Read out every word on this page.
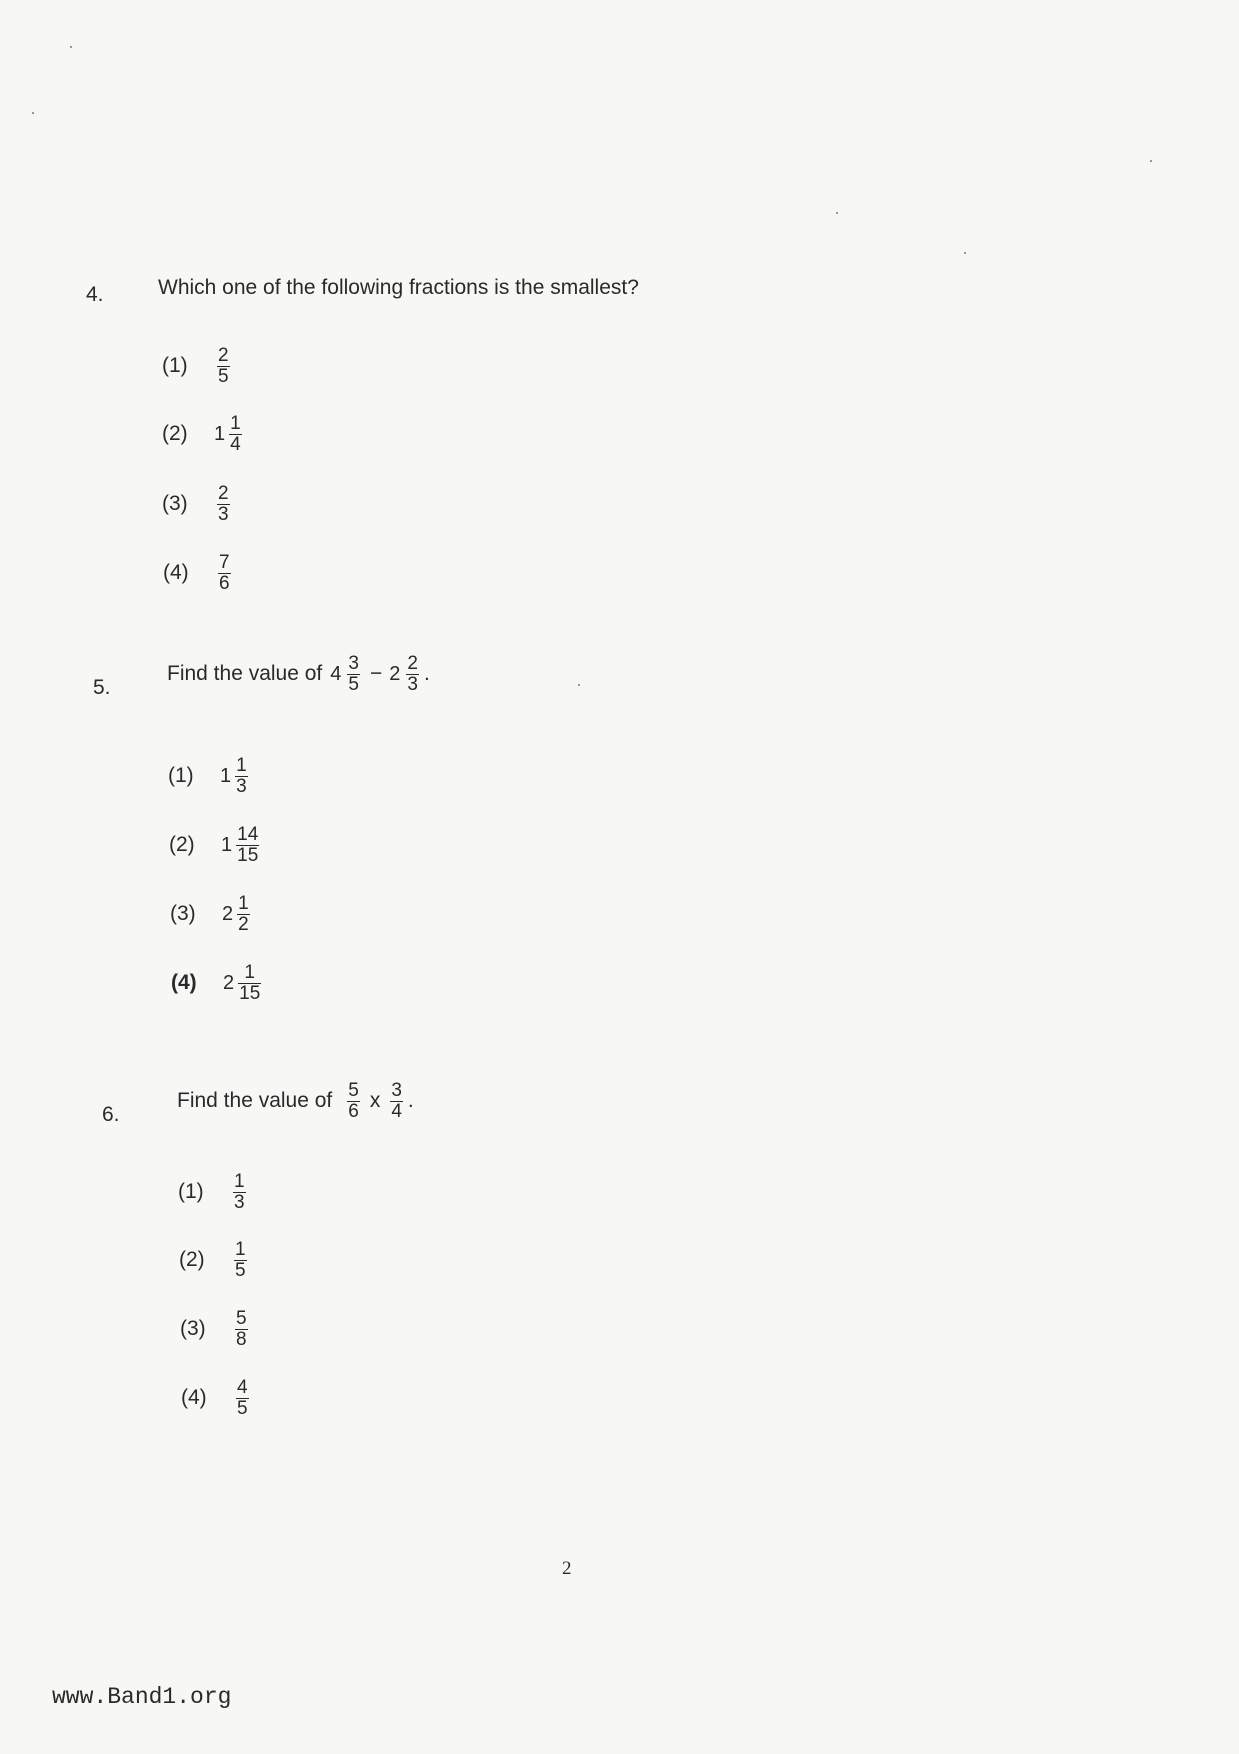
4.	Which one of the following fractions is the smallest?
(1)	$\frac{2}{5}$
(2)	$1 \frac{1}{4}$
(3)	$\frac{2}{3}$
(4)	$\frac{7}{6}$
5.
Find the value of $4 \frac{3}{5} - 2 \frac{2}{3}$ .
(1)	$1 \frac{1}{3}$
(2)	$1 \frac{14}{15}$
(3)	$2 \frac{1}{2}$
(4)	$2 \frac{1}{15}$
6.
Find the value of $\frac{5}{6}$ x $\frac{3}{4}$ .
(1)	$\frac{1}{3}$
(2)	$\frac{1}{5}$
(3)	$\frac{5}{8}$
(4)	$\frac{4}{5}$
2
www.Band1.org
